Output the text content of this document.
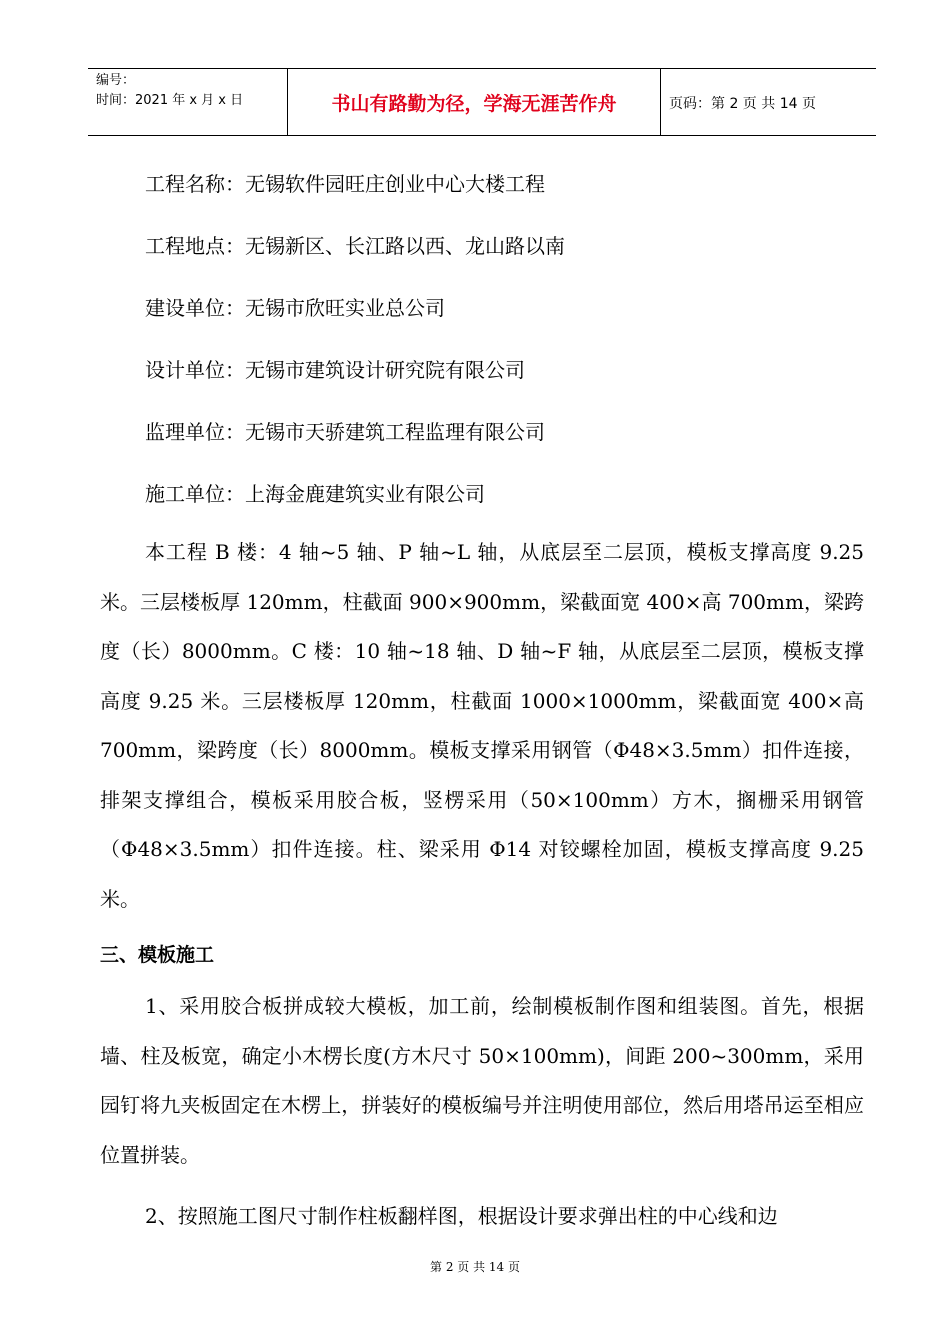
编号：
时间：2021 年 x 月 x 日	书山有路勤为径，学海无涯苦作舟	页码：第 2 页 共 14 页
工程名称：无锡软件园旺庄创业中心大楼工程
工程地点：无锡新区、长江路以西、龙山路以南
建设单位：无锡市欣旺实业总公司
设计单位：无锡市建筑设计研究院有限公司
监理单位：无锡市天骄建筑工程监理有限公司
施工单位：上海金鹿建筑实业有限公司

本工程 B 楼：4 轴~5 轴、P 轴~L 轴，从底层至二层顶，模板支撑高度 9.25 米。三层楼板厚 120mm，柱截面 900×900mm，梁截面宽 400×高 700mm，梁跨度（长）8000mm。C 楼：10 轴~18 轴、D 轴~F 轴，从底层至二层顶，模板支撑高度 9.25 米。三层楼板厚 120mm，柱截面 1000×1000mm，梁截面宽 400×高 700mm，梁跨度（长）8000mm。模板支撑采用钢管（Φ48×3.5mm）扣件连接，排架支撑组合，模板采用胶合板，竖楞采用（50×100mm）方木，搁栅采用钢管（Φ48×3.5mm）扣件连接。柱、梁采用 Φ14 对铰螺栓加固，模板支撑高度 9.25 米。

三、模板施工

1、采用胶合板拼成较大模板，加工前，绘制模板制作图和组装图。首先，根据墙、柱及板宽，确定小木楞长度(方木尺寸 50×100mm)，间距 200~300mm，采用园钉将九夹板固定在木楞上，拼装好的模板编号并注明使用部位，然后用塔吊运至相应位置拼装。

2、按照施工图尺寸制作柱板翻样图，根据设计要求弹出柱的中心线和边

第 2 页 共 14 页
